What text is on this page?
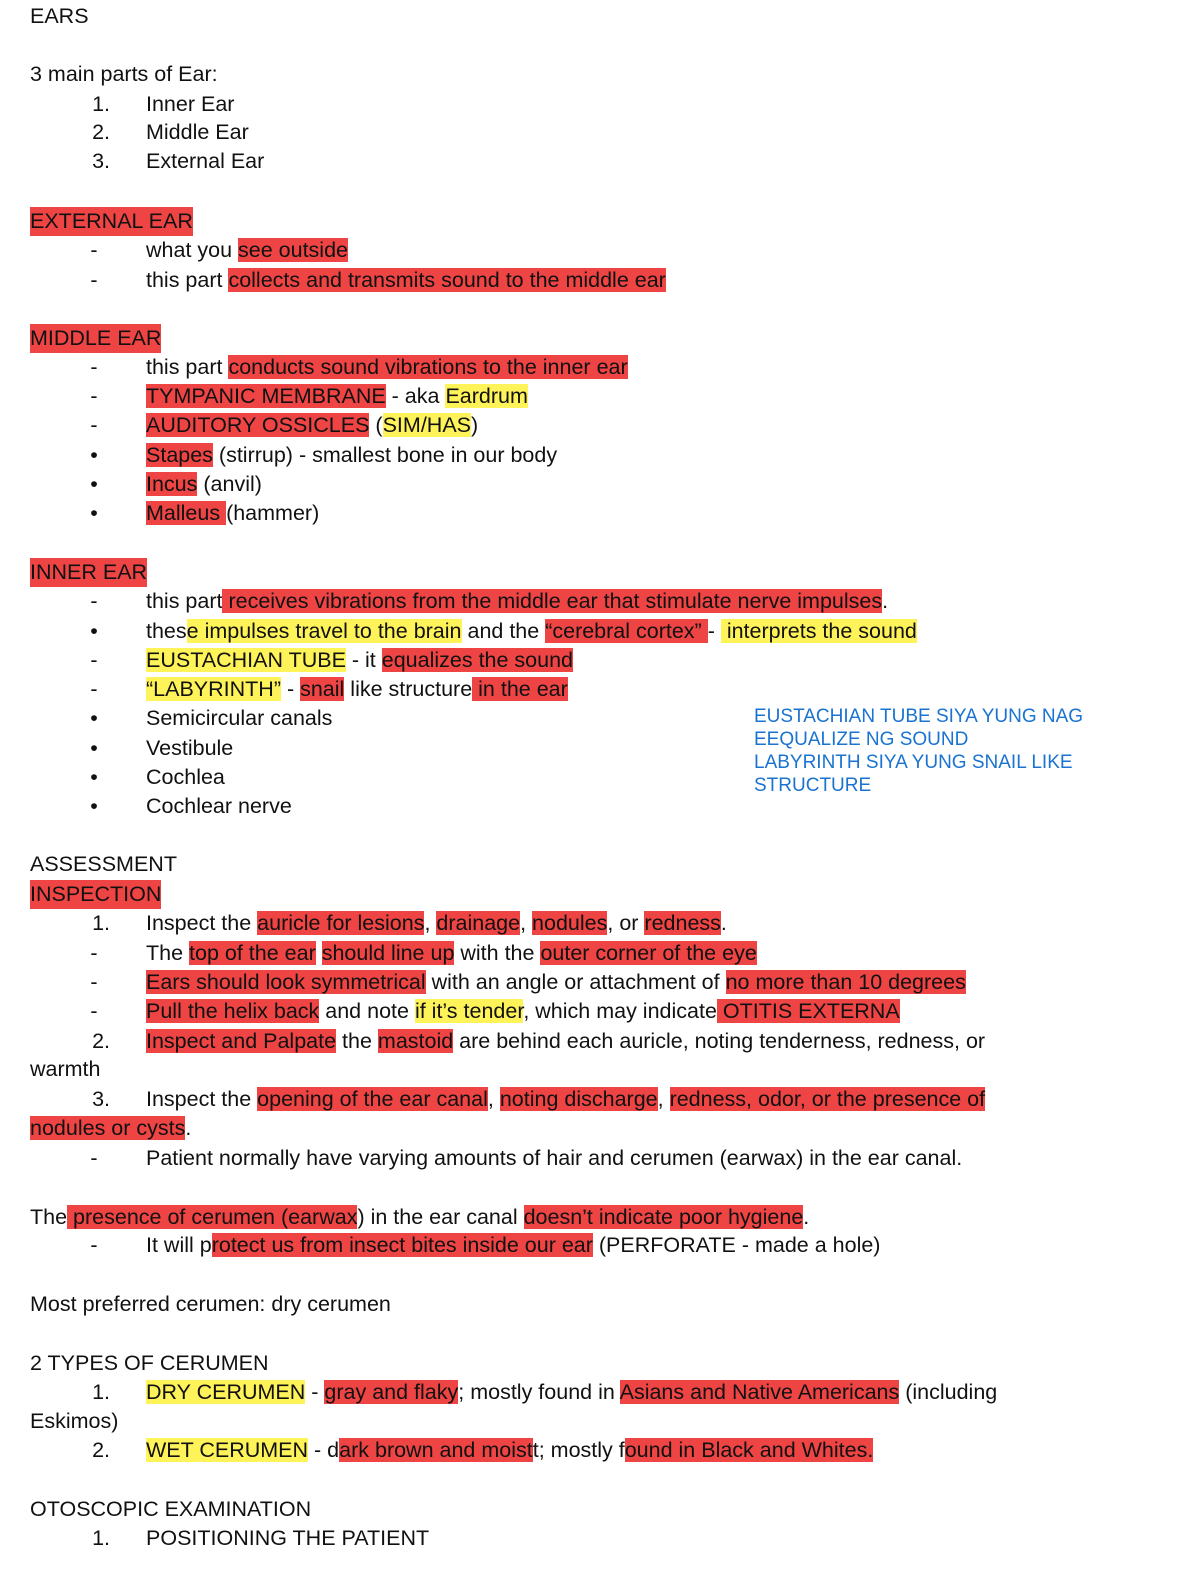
EARS
3 main parts of Ear:
1. Inner Ear
2. Middle Ear
3. External Ear
EXTERNAL EAR
- what you see outside
- this part collects and transmits sound to the middle ear
MIDDLE EAR
- this part conducts sound vibrations to the inner ear
- TYMPANIC MEMBRANE - aka Eardrum
- AUDITORY OSSICLES (SIM/HAS)
• Stapes (stirrup) - smallest bone in our body
• Incus (anvil)
• Malleus (hammer)
INNER EAR
- this part receives vibrations from the middle ear that stimulate nerve impulses.
• these impulses travel to the brain and the “cerebral cortex” -  interprets the sound
- EUSTACHIAN TUBE - it equalizes the sound
- “LABYRINTH” - snail like structure in the ear
• Semicircular canals
• Vestibule
• Cochlea
• Cochlear nerve
EUSTACHIAN TUBE SIYA YUNG NAG
EEQUALIZE NG SOUND
LABYRINTH SIYA YUNG SNAIL LIKE
STRUCTURE
ASSESSMENT
INSPECTION
1. Inspect the auricle for lesions, drainage, nodules, or redness.
- The top of the ear should line up with the outer corner of the eye
- Ears should look symmetrical with an angle or attachment of no more than 10 degrees
- Pull the helix back and note if it’s tender, which may indicate OTITIS EXTERNA
2. Inspect and Palpate the mastoid are behind each auricle, noting tenderness, redness, or
warmth
3. Inspect the opening of the ear canal, noting discharge, redness, odor, or the presence of
nodules or cysts.
- Patient normally have varying amounts of hair and cerumen (earwax) in the ear canal.
The presence of cerumen (earwax) in the ear canal doesn’t indicate poor hygiene.
- It will protect us from insect bites inside our ear (PERFORATE - made a hole)
Most preferred cerumen: dry cerumen
2 TYPES OF CERUMEN
1. DRY CERUMEN - gray and flaky; mostly found in Asians and Native Americans (including
Eskimos)
2. WET CERUMEN - dark brown and moistt; mostly found in Black and Whites.
OTOSCOPIC EXAMINATION
1. POSITIONING THE PATIENT
